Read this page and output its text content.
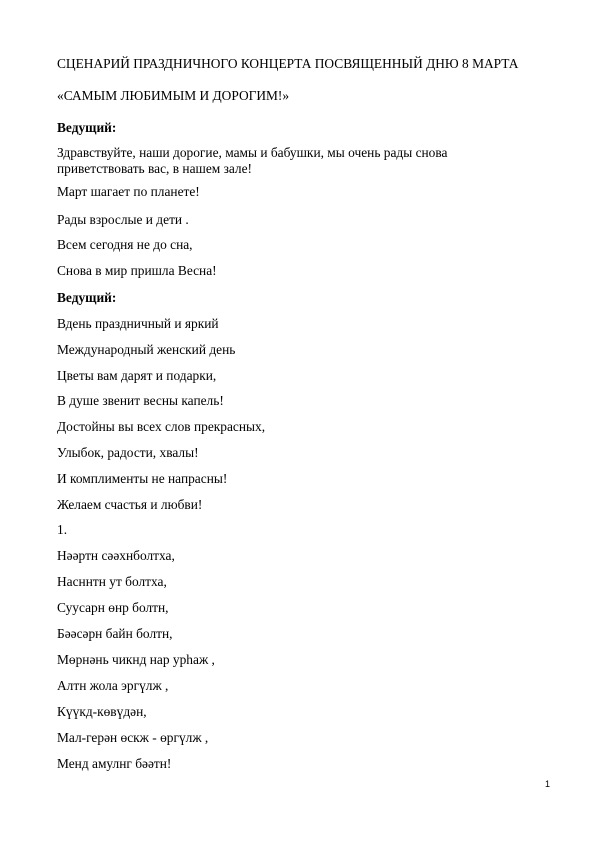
СЦЕНАРИЙ ПРАЗДНИЧНОГО КОНЦЕРТА ПОСВЯЩЕННЫЙ ДНЮ 8 МАРТА
«САМЫМ ЛЮБИМЫМ И ДОРОГИМ!»
Ведущий:
Здравствуйте, наши дорогие, мамы и бабушки, мы очень рады снова приветствовать вас, в нашем зале!
Март шагает по планете!
Рады взрослые и дети .
Всем сегодня не до сна,
Снова в мир пришла Весна!
Ведущий:
Вдень праздничный и яркий
Международный женский день
Цветы вам дарят и подарки,
В душе звенит весны капель!
Достойны вы всех слов прекрасных,
Улыбок, радости, хвалы!
И комплименты не напрасны!
Желаем счастья и любви!
1.
Нәәртн сәәхнболтха,
Насннтн ут болтха,
Суусарн өнр болтн,
Бәәсәрн байн болтн,
Мөрнәнь чикнд нар урһаж ,
Алтн жола эргүлж ,
Күүкд-көвүдән,
Мал-герән өскж - өргүлж ,
Менд амулнг бәәтн!
1
